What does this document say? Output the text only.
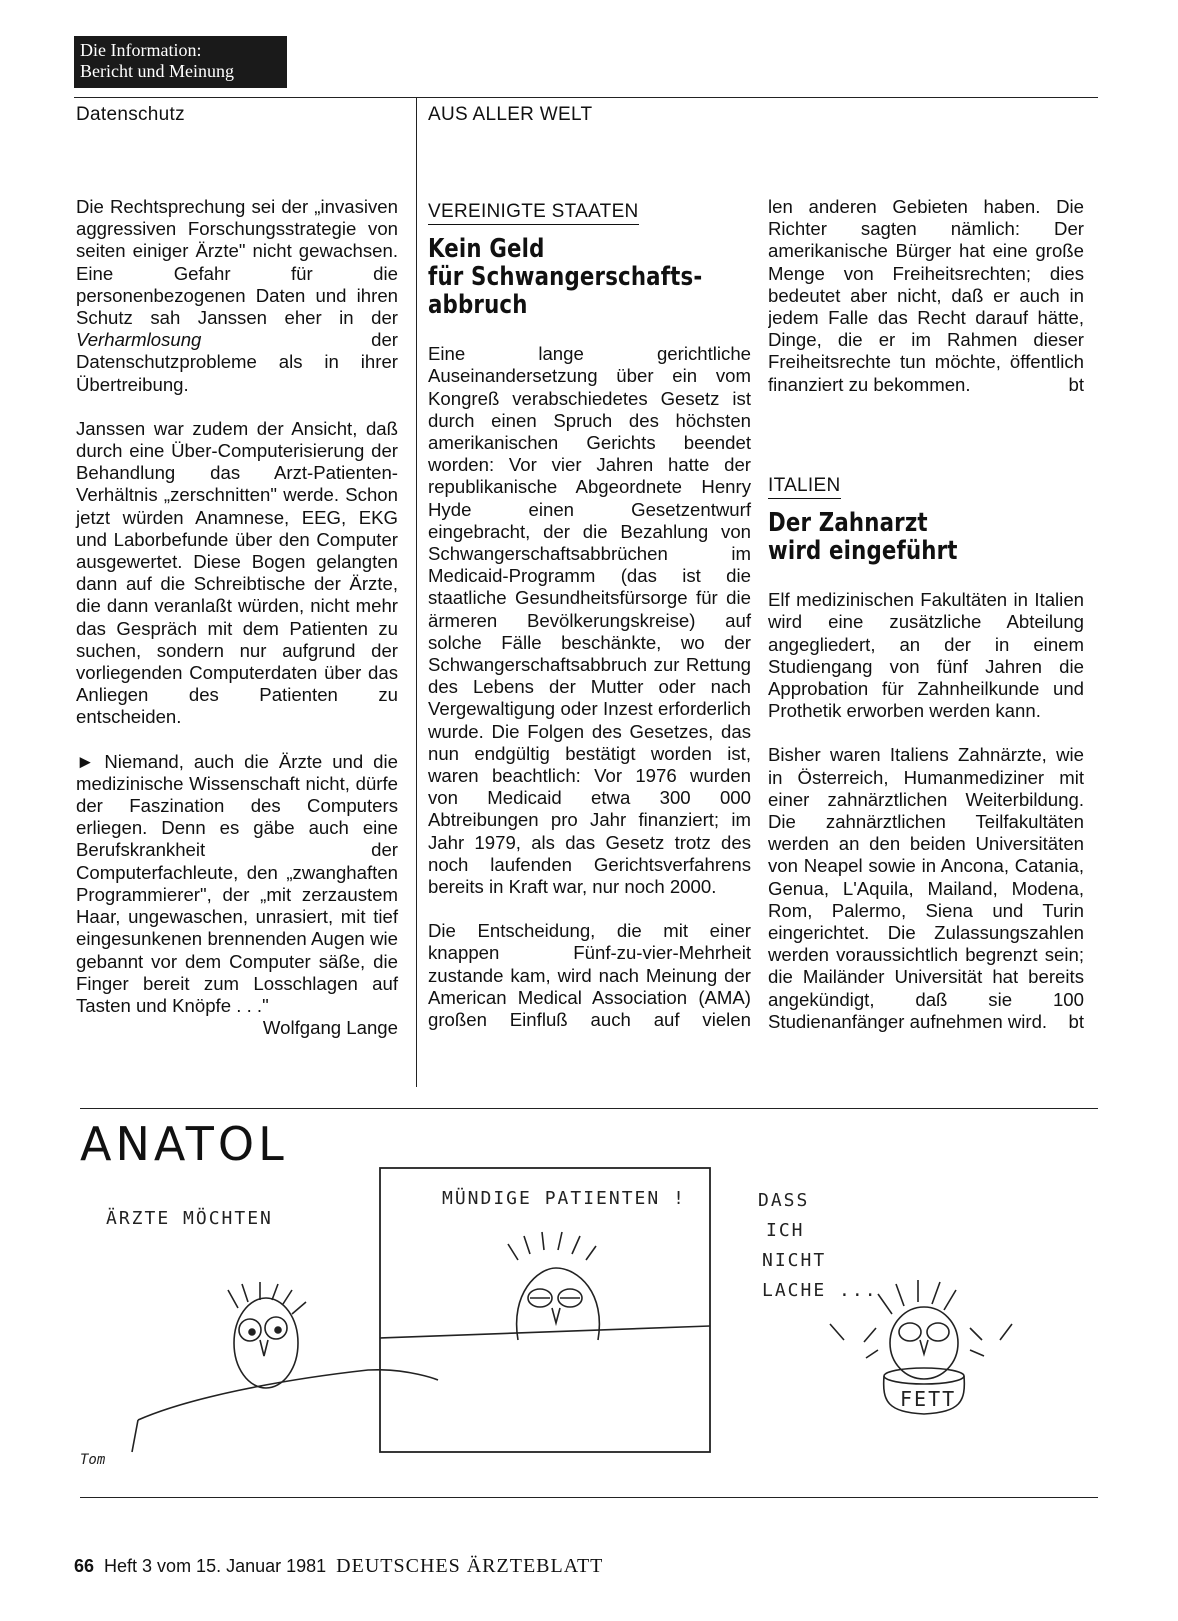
Die Information:
Bericht und Meinung
Datenschutz	AUS ALLER WELT

Die Rechtsprechung sei der „invasiven aggressiven Forschungsstrategie von seiten einiger Ärzte" nicht gewachsen. Eine Gefahr für die personenbezogenen Daten und ihren Schutz sah Janssen eher in der Verharmlosung der Datenschutzprobleme als in ihrer Übertreibung.

Janssen war zudem der Ansicht, daß durch eine Über-Computerisierung der Behandlung das Arzt-Patienten-Verhältnis „zerschnitten" werde. Schon jetzt würden Anamnese, EEG, EKG und Laborbefunde über den Computer ausgewertet. Diese Bogen gelangten dann auf die Schreibtische der Ärzte, die dann veranlaßt würden, nicht mehr das Gespräch mit dem Patienten zu suchen, sondern nur aufgrund der vorliegenden Computerdaten über das Anliegen des Patienten zu entscheiden.

► Niemand, auch die Ärzte und die medizinische Wissenschaft nicht, dürfe der Faszination des Computers erliegen. Denn es gäbe auch eine Berufskrankheit der Computerfachleute, den „zwanghaften Programmierer", der „mit zerzaustem Haar, ungewaschen, unrasiert, mit tief eingesunkenen brennenden Augen wie gebannt vor dem Computer säße, die Finger bereit zum Losschlagen auf Tasten und Knöpfe . . ."
Wolfgang Lange

VEREINIGTE STAATEN
Kein Geld
für Schwangerschafts-
abbruch

Eine lange gerichtliche Auseinandersetzung über ein vom Kongreß verabschiedetes Gesetz ist durch einen Spruch des höchsten amerikanischen Gerichts beendet worden: Vor vier Jahren hatte der republikanische Abgeordnete Henry Hyde einen Gesetzentwurf eingebracht, der die Bezahlung von Schwangerschaftsabbrüchen im Medicaid-Programm (das ist die staatliche Gesundheitsfürsorge für die ärmeren Bevölkerungskreise) auf solche Fälle beschänkte, wo der Schwangerschaftsabbruch zur Rettung des Lebens der Mutter oder nach Vergewaltigung oder Inzest erforderlich wurde. Die Folgen des Gesetzes, das nun endgültig bestätigt worden ist, waren beachtlich: Vor 1976 wurden von Medicaid etwa 300 000 Abtreibungen pro Jahr finanziert; im Jahr 1979, als das Gesetz trotz des noch laufenden Gerichtsverfahrens bereits in Kraft war, nur noch 2000.

Die Entscheidung, die mit einer knappen Fünf-zu-vier-Mehrheit zustande kam, wird nach Meinung der American Medical Association (AMA) großen Einfluß auch auf vielen

len anderen Gebieten haben. Die Richter sagten nämlich: Der amerikanische Bürger hat eine große Menge von Freiheitsrechten; dies bedeutet aber nicht, daß er auch in jedem Falle das Recht darauf hätte, Dinge, die er im Rahmen dieser Freiheitsrechte tun möchte, öffentlich finanziert zu bekommen.	bt

ITALIEN
Der Zahnarzt
wird eingeführt

Elf medizinischen Fakultäten in Italien wird eine zusätzliche Abteilung angegliedert, an der in einem Studiengang von fünf Jahren die Approbation für Zahnheilkunde und Prothetik erworben werden kann.

Bisher waren Italiens Zahnärzte, wie in Österreich, Humanmediziner mit einer zahnärztlichen Weiterbildung. Die zahnärztlichen Teilfakultäten werden an den beiden Universitäten von Neapel sowie in Ancona, Catania, Genua, L'Aquila, Mailand, Modena, Rom, Palermo, Siena und Turin eingerichtet. Die Zulassungszahlen werden voraussichtlich begrenzt sein; die Mailänder Universität hat bereits angekündigt, daß sie 100 Studienanfänger aufnehmen wird. bt

ANATOL
ÄRZTE MÖCHTEN
MÜNDIGE PATIENTEN !	DASS
ICH
NICHT
LACHE ...
FETT
Tom
66 Heft 3 vom 15. Januar 1981 DEUTSCHES ÄRZTEBLATT
